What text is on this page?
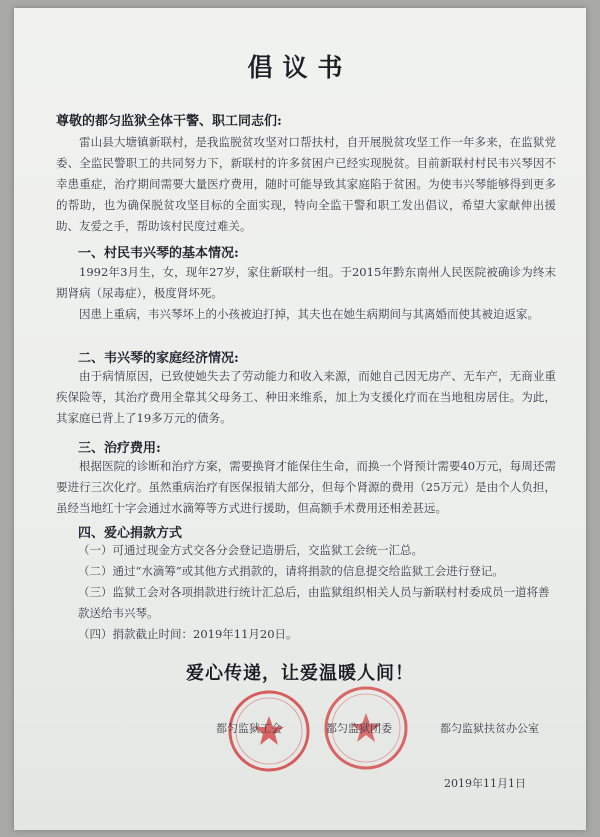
倡议书
尊敬的都匀监狱全体干警、职工同志们:
雷山县大塘镇新联村，是我监脱贫攻坚对口帮扶村，自开展脱贫攻坚工作一年多来，在监狱党委、全监民警职工的共同努力下，新联村的许多贫困户已经实现脱贫。目前新联村村民韦兴琴因不幸患重症，治疗期间需要大量医疗费用，随时可能导致其家庭陷于贫困。为使韦兴琴能够得到更多的帮助，也为确保脱贫攻坚目标的全面实现，特向全监干警和职工发出倡议，希望大家献伸出援助、友爱之手，帮助该村民度过难关。
一、村民韦兴琴的基本情况:
1992年3月生，女，现年27岁，家住新联村一组。于2015年黔东南州人民医院被确诊为终末期肾病（尿毒症），极度肾坏死。
因患上重病，韦兴琴坏上的小孩被迫打掉，其夫也在她生病期间与其离婚而使其被迫返家。
二、韦兴琴的家庭经济情况:
由于病情原因，已致使她失去了劳动能力和收入来源，而她自己因无房产、无车产，无商业重疾保险等，其治疗费用全靠其父母务工、种田来维系，加上为支援化疗而在当地租房居住。为此，其家庭已背上了19多万元的债务。
三、治疗费用:
根据医院的诊断和治疗方案，需要换肾才能保住生命，而换一个肾预计需要40万元，每周还需要进行三次化疗。虽然重病治疗有医保报销大部分，但每个肾源的费用（25万元）是由个人负担，虽经当地红十字会通过水滴筹等方式进行援助，但高额手术费用还相差甚远。
四、爱心捐款方式
（一）可通过现金方式交各分会登记造册后，交监狱工会统一汇总。
（二）通过“水滴筹”或其他方式捐款的，请将捐款的信息提交给监狱工会进行登记。
（三）监狱工会对各项捐款进行统计汇总后，由监狱组织相关人员与新联村村委成员一道将善款送给韦兴琴。
（四）捐款截止时间：2019年11月20日。
爱心传递，让爱温暖人间！
都匀监狱工会	都匀监狱团委	都匀监狱扶贫办公室
2019年11月1日
